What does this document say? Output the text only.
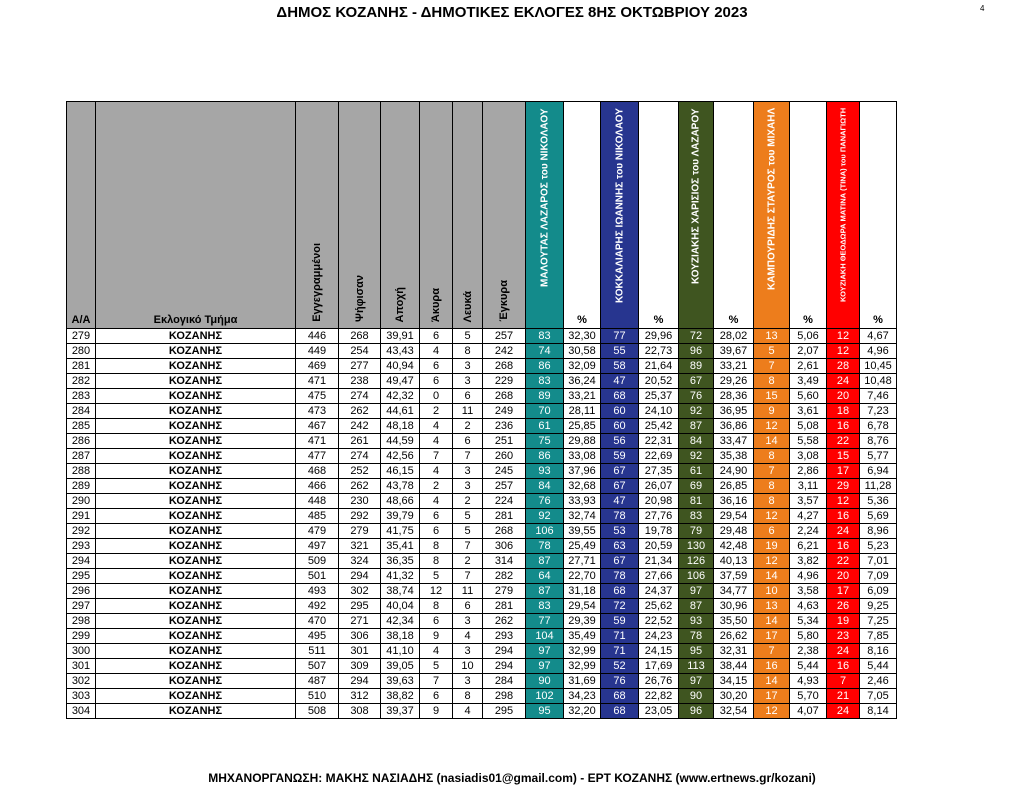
ΔΗΜΟΣ ΚΟΖΑΝΗΣ - ΔΗΜΟΤΙΚΕΣ ΕΚΛΟΓΕΣ 8ΗΣ ΟΚΤΩΒΡΙΟΥ 2023	4
Α/Α	Εκλογικό Τμήμα	Εγγεγραμμένοι	Ψήφισαν	Αποχή	Άκυρα	Λευκά	Έγκυρα	ΜΑΛΟΥΤΑΣ ΛΑΖΑΡΟΣ του ΝΙΚΟΛΑΟΥ	%	ΚΟΚΚΑΛΙΑΡΗΣ ΙΩΑΝΝΗΣ του ΝΙΚΟΛΑΟΥ	%	ΚΟΥΖΙΑΚΗΣ ΧΑΡΙΣΙΟΣ του ΛΑΖΑΡΟΥ	%	ΚΑΜΠΟΥΡΙΔΗΣ ΣΤΑΥΡΟΣ του ΜΙΧΑΗΛ	%	ΚΟΥΖΙΑΚΗ ΘΕΟΔΩΡΑ ΜΑΤΙΝΑ (ΤΙΝΑ) του ΠΑΝΑΓΙΩΤΗ	%

279	ΚΟΖΑΝΗΣ	446	268	39,91	6	5	257	83	32,30	77	29,96	72	28,02	13	5,06	12	4,67
280	ΚΟΖΑΝΗΣ	449	254	43,43	4	8	242	74	30,58	55	22,73	96	39,67	5	2,07	12	4,96
281	ΚΟΖΑΝΗΣ	469	277	40,94	6	3	268	86	32,09	58	21,64	89	33,21	7	2,61	28	10,45
282	ΚΟΖΑΝΗΣ	471	238	49,47	6	3	229	83	36,24	47	20,52	67	29,26	8	3,49	24	10,48
283	ΚΟΖΑΝΗΣ	475	274	42,32	0	6	268	89	33,21	68	25,37	76	28,36	15	5,60	20	7,46
284	ΚΟΖΑΝΗΣ	473	262	44,61	2	11	249	70	28,11	60	24,10	92	36,95	9	3,61	18	7,23
285	ΚΟΖΑΝΗΣ	467	242	48,18	4	2	236	61	25,85	60	25,42	87	36,86	12	5,08	16	6,78
286	ΚΟΖΑΝΗΣ	471	261	44,59	4	6	251	75	29,88	56	22,31	84	33,47	14	5,58	22	8,76
287	ΚΟΖΑΝΗΣ	477	274	42,56	7	7	260	86	33,08	59	22,69	92	35,38	8	3,08	15	5,77
288	ΚΟΖΑΝΗΣ	468	252	46,15	4	3	245	93	37,96	67	27,35	61	24,90	7	2,86	17	6,94
289	ΚΟΖΑΝΗΣ	466	262	43,78	2	3	257	84	32,68	67	26,07	69	26,85	8	3,11	29	11,28
290	ΚΟΖΑΝΗΣ	448	230	48,66	4	2	224	76	33,93	47	20,98	81	36,16	8	3,57	12	5,36
291	ΚΟΖΑΝΗΣ	485	292	39,79	6	5	281	92	32,74	78	27,76	83	29,54	12	4,27	16	5,69
292	ΚΟΖΑΝΗΣ	479	279	41,75	6	5	268	106	39,55	53	19,78	79	29,48	6	2,24	24	8,96
293	ΚΟΖΑΝΗΣ	497	321	35,41	8	7	306	78	25,49	63	20,59	130	42,48	19	6,21	16	5,23
294	ΚΟΖΑΝΗΣ	509	324	36,35	8	2	314	87	27,71	67	21,34	126	40,13	12	3,82	22	7,01
295	ΚΟΖΑΝΗΣ	501	294	41,32	5	7	282	64	22,70	78	27,66	106	37,59	14	4,96	20	7,09
296	ΚΟΖΑΝΗΣ	493	302	38,74	12	11	279	87	31,18	68	24,37	97	34,77	10	3,58	17	6,09
297	ΚΟΖΑΝΗΣ	492	295	40,04	8	6	281	83	29,54	72	25,62	87	30,96	13	4,63	26	9,25
298	ΚΟΖΑΝΗΣ	470	271	42,34	6	3	262	77	29,39	59	22,52	93	35,50	14	5,34	19	7,25
299	ΚΟΖΑΝΗΣ	495	306	38,18	9	4	293	104	35,49	71	24,23	78	26,62	17	5,80	23	7,85
300	ΚΟΖΑΝΗΣ	511	301	41,10	4	3	294	97	32,99	71	24,15	95	32,31	7	2,38	24	8,16
301	ΚΟΖΑΝΗΣ	507	309	39,05	5	10	294	97	32,99	52	17,69	113	38,44	16	5,44	16	5,44
302	ΚΟΖΑΝΗΣ	487	294	39,63	7	3	284	90	31,69	76	26,76	97	34,15	14	4,93	7	2,46
303	ΚΟΖΑΝΗΣ	510	312	38,82	6	8	298	102	34,23	68	22,82	90	30,20	17	5,70	21	7,05
304	ΚΟΖΑΝΗΣ	508	308	39,37	9	4	295	95	32,20	68	23,05	96	32,54	12	4,07	24	8,14
ΜΗΧΑΝΟΡΓΑΝΩΣΗ: ΜΑΚΗΣ ΝΑΣΙΑΔΗΣ (nasiadis01@gmail.com) - ΕΡΤ ΚΟΖΑΝΗΣ (www.ertnews.gr/kozani)
